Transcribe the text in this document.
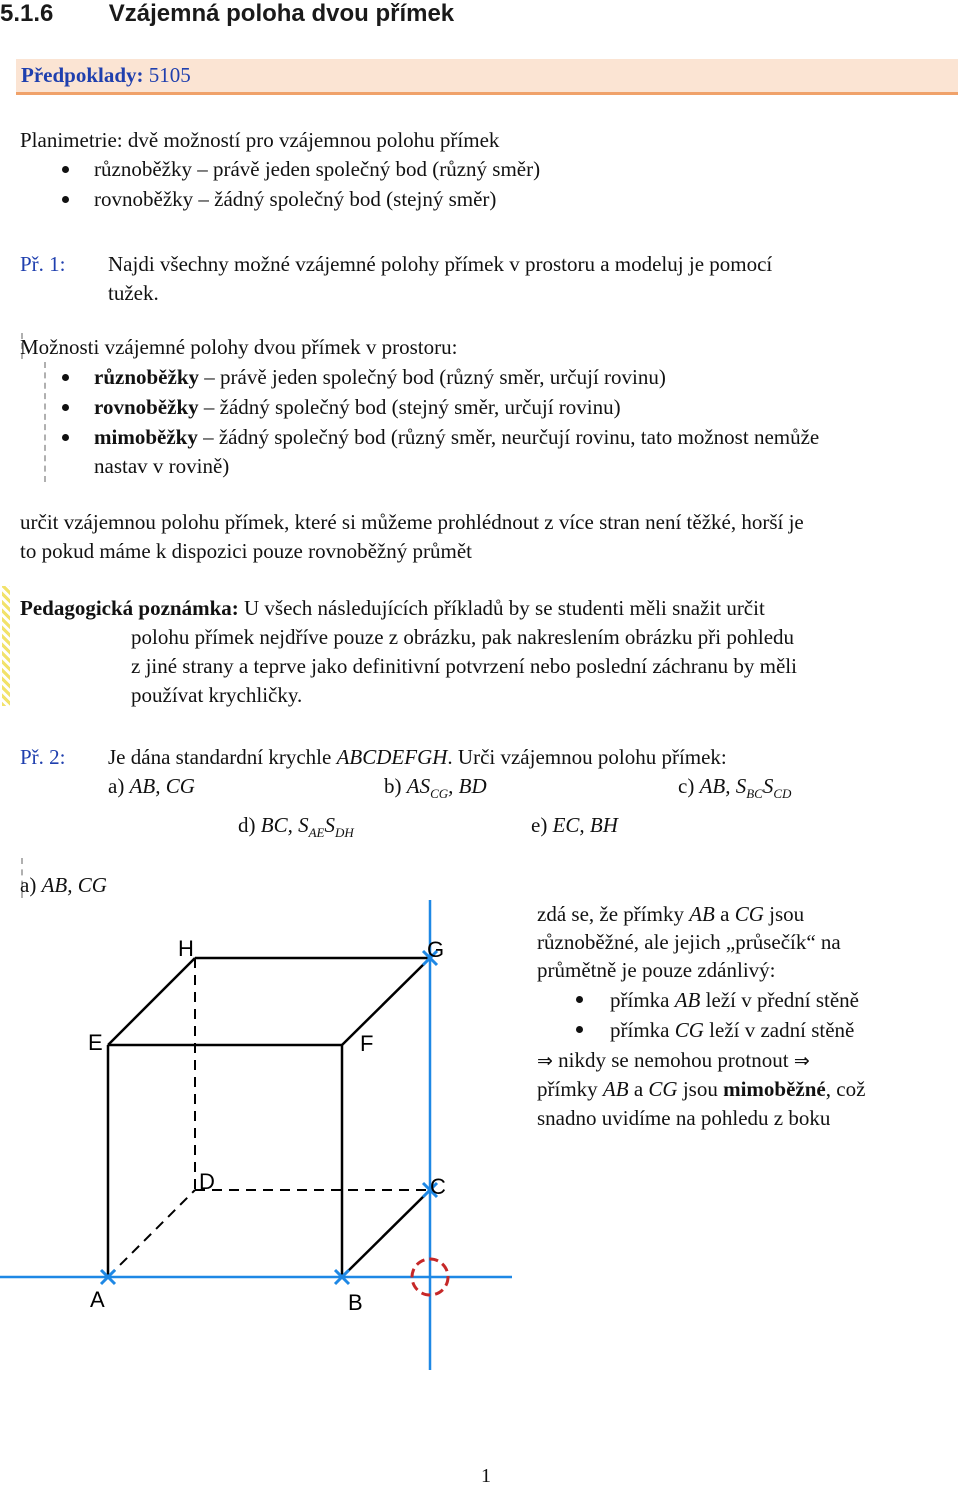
5.1.6 Vzájemná poloha dvou přímek
Předpoklady: 5105
Planimetrie: dvě možností pro vzájemnou polohu přímek
různoběžky – právě jeden společný bod (různý směr)
rovnoběžky – žádný společný bod (stejný směr)
Př. 1: Najdi všechny možné vzájemné polohy přímek v prostoru a modeluj je pomocí
tužek.
Možnosti vzájemné polohy dvou přímek v prostoru:
různoběžky – právě jeden společný bod (různý směr, určují rovinu)
rovnoběžky – žádný společný bod (stejný směr, určují rovinu)
mimoběžky – žádný společný bod (různý směr, neurčují rovinu, tato možnost nemůže
nastav v rovině)
určit vzájemnou polohu přímek, které si můžeme prohlédnout z více stran není těžké, horší je
to pokud máme k dispozici pouze rovnoběžný průmět
Pedagogická poznámka: U všech následujících příkladů by se studenti měli snažit určit
polohu přímek nejdříve pouze z obrázku, pak nakreslením obrázku při pohledu
z jiné strany a teprve jako definitivní potvrzení nebo poslední záchranu by měli
používat krychličky.
Př. 2: Je dána standardní krychle ABCDEFGH. Urči vzájemnou polohu přímek:
a) AB, CG	b) $AS_{CG}$, BD	c) AB, $S_{BC}S_{CD}$
d) BC, $S_{AE}S_{DH}$	e) EC, BH
a) AB, CG
A	B
C
D
E	F
G
H
zdá se, že přímky AB a CG jsou
různoběžné, ale jejich „průsečík“ na
průmětně je pouze zdánlivý:
přímka AB leží v přední stěně
přímka CG leží v zadní stěně
⇒ nikdy se nemohou protnout ⇒
přímky AB a CG jsou mimoběžné, což
snadno uvidíme na pohledu z boku
1
